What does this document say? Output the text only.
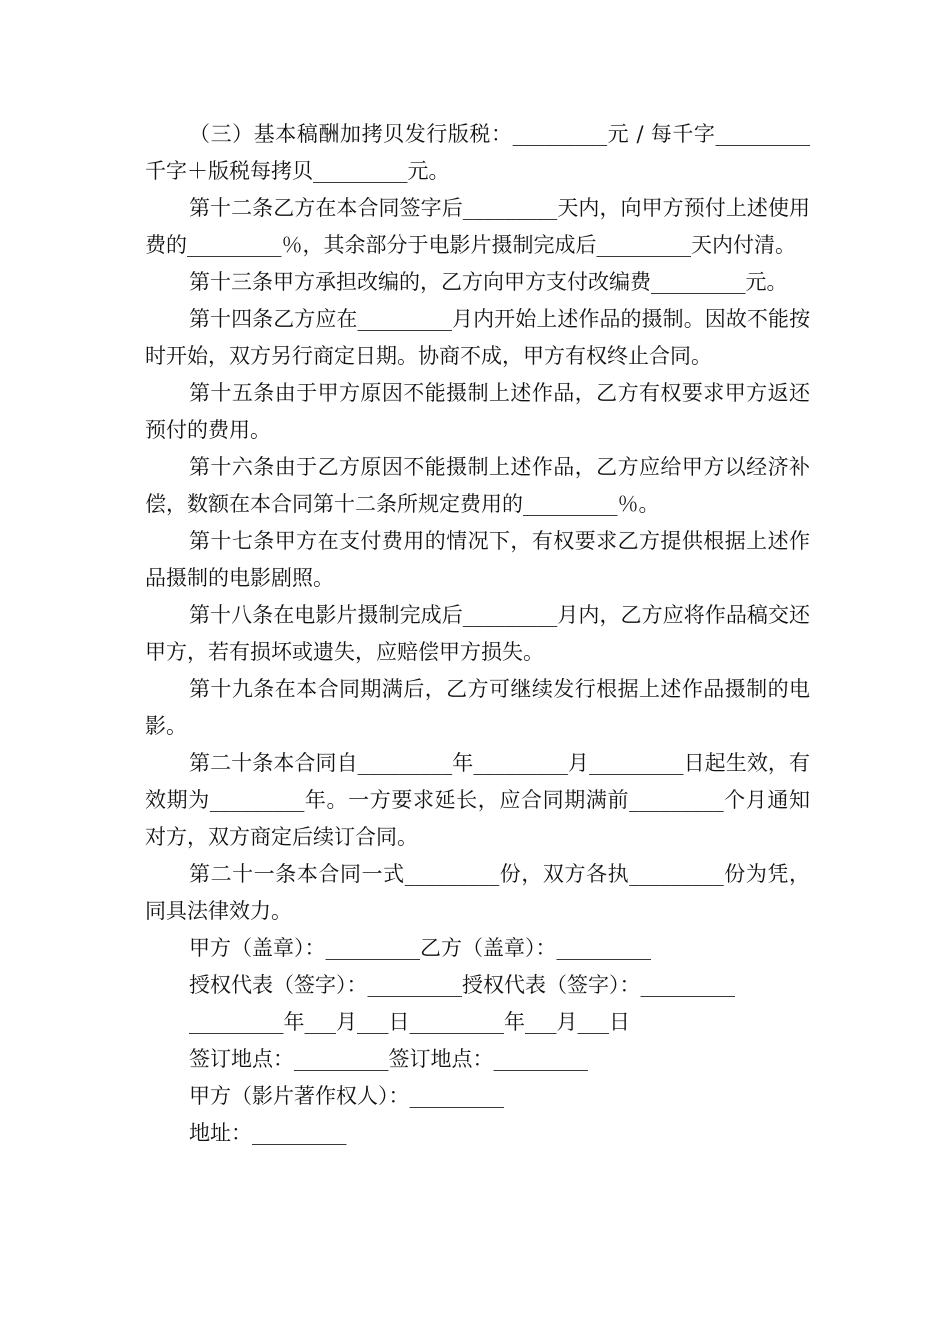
（三）基本稿酬加拷贝发行版税：_________元 / 每千字_________千字＋版税每拷贝_________元。

第十二条乙方在本合同签字后_________天内，向甲方预付上述使用费的_________％，其余部分于电影片摄制完成后_________天内付清。

第十三条甲方承担改编的，乙方向甲方支付改编费_________元。

第十四条乙方应在_________月内开始上述作品的摄制。因故不能按时开始，双方另行商定日期。协商不成，甲方有权终止合同。

第十五条由于甲方原因不能摄制上述作品，乙方有权要求甲方返还预付的费用。

第十六条由于乙方原因不能摄制上述作品，乙方应给甲方以经济补偿，数额在本合同第十二条所规定费用的_________％。

第十七条甲方在支付费用的情况下，有权要求乙方提供根据上述作品摄制的电影剧照。

第十八条在电影片摄制完成后_________月内，乙方应将作品稿交还甲方，若有损坏或遗失，应赔偿甲方损失。

第十九条在本合同期满后，乙方可继续发行根据上述作品摄制的电影。

第二十条本合同自_________年_________月_________日起生效，有效期为_________年。一方要求延长，应合同期满前_________个月通知对方，双方商定后续订合同。

第二十一条本合同一式_________份，双方各执_________份为凭，同具法律效力。

甲方（盖章）：_________乙方（盖章）：_________

授权代表（签字）：_________授权代表（签字）：_________

_________年___月___日_________年___月___日

签订地点：_________签订地点：_________

甲方（影片著作权人）：_________

地址：_________
